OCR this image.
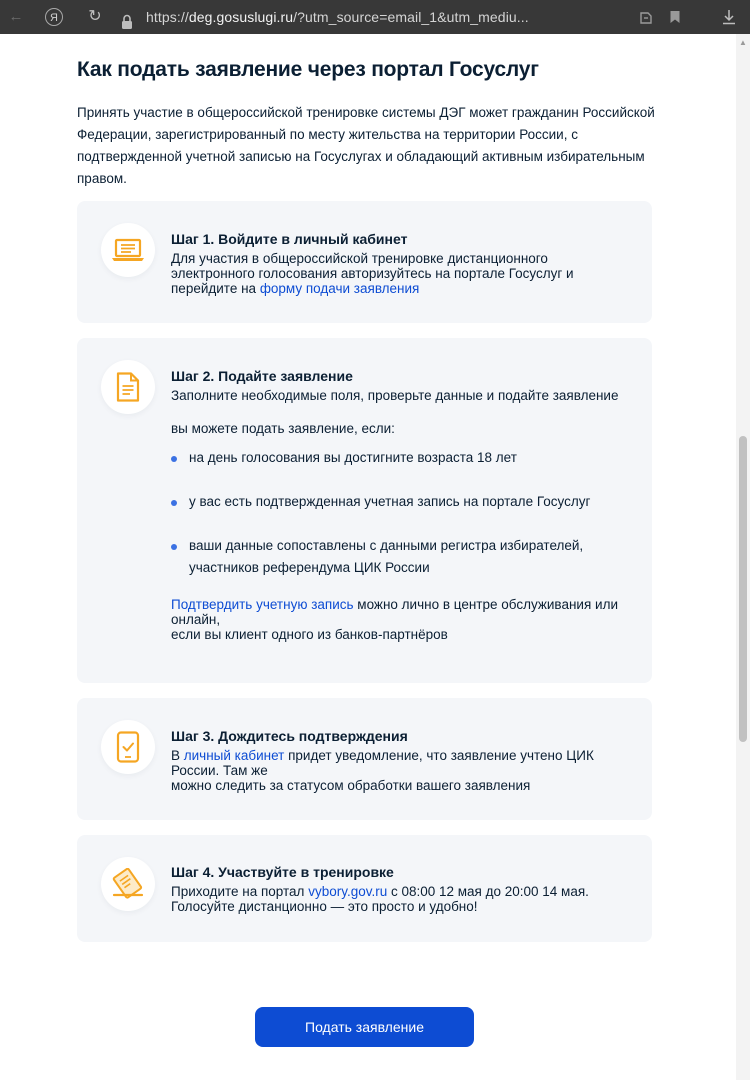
←	Я	↻	https://deg.gosuslugi.ru/?utm_source=email_1&utm_mediu...
▲
Как подать заявление через портал Госуслуг

Принять участие в общероссийской тренировке системы ДЭГ может гражданин Российской Федерации, зарегистрированный по месту жительства на территории России, с подтвержденной учетной записью на Госуслугах и обладающий активным избирательным правом.

Шаг 1. Войдите в личный кабинет

Для участия в общероссийской тренировке дистанционного электронного голосования авторизуйтесь на портале Госуслуг и перейдите на форму подачи заявления

Шаг 2. Подайте заявление

Заполните необходимые поля, проверьте данные и подайте заявление

вы можете подать заявление, если:

на день голосования вы достигните возраста 18 лет
у вас есть подтвержденная учетная запись на портале Госуслуг
ваши данные сопоставлены с данными регистра избирателей, участников референдума ЦИК России

Подтвердить учетную запись можно лично в центре обслуживания или онлайн,
если вы клиент одного из банков-партнёров

Шаг 3. Дождитесь подтверждения

В личный кабинет придет уведомление, что заявление учтено ЦИК России. Там же
можно следить за статусом обработки вашего заявления

Шаг 4. Участвуйте в тренировке

Приходите на портал vybory.gov.ru с 08:00 12 мая до 20:00 14 мая.
Голосуйте дистанционно — это просто и удобно!

Подать заявление
